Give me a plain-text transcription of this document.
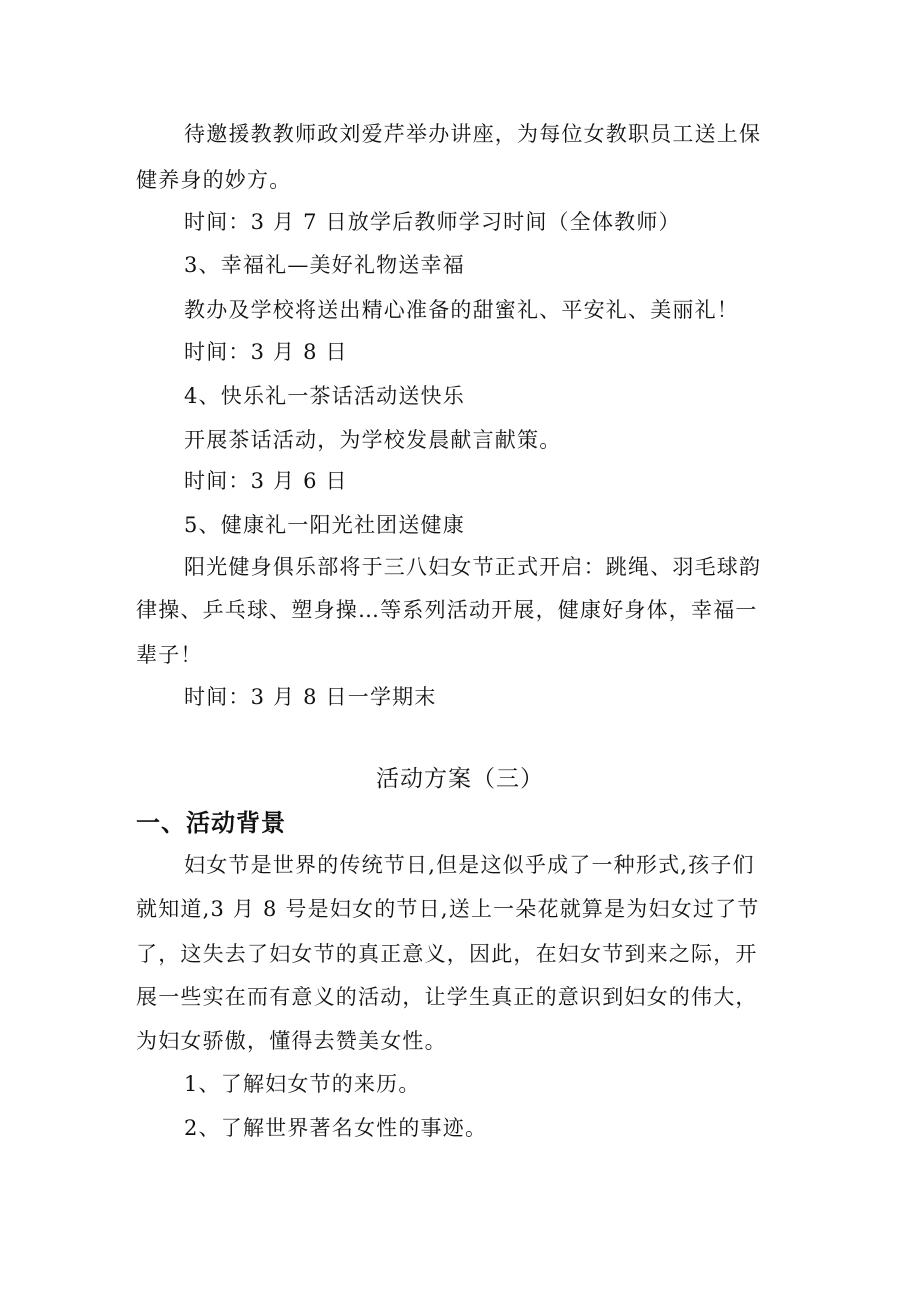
待邀援教教师政刘爱芹举办讲座，为每位女教职员工送上保
健养身的妙方。
时间：3 月 7 日放学后教师学习时间（全体教师）
3、幸福礼—美好礼物送幸福
教办及学校将送出精心准备的甜蜜礼、平安礼、美丽礼！
时间：3 月 8 日
4、快乐礼一茶话活动送快乐
开展茶话活动，为学校发晨献言献策。
时间：3 月 6 日
5、健康礼一阳光社团送健康
阳光健身俱乐部将于三八妇女节正式开启：跳绳、羽毛球韵
律操、乒乓球、塑身操…等系列活动开展，健康好身体，幸福一
辈子！
时间：3 月 8 日一学期末
活动方案（三）
一、活动背景
妇女节是世界的传统节日,但是这似乎成了一种形式,孩子们
就知道,3 月 8 号是妇女的节日,送上一朵花就算是为妇女过了节
了，这失去了妇女节的真正意义，因此，在妇女节到来之际，开
展一些实在而有意义的活动，让学生真正的意识到妇女的伟大，
为妇女骄傲，懂得去赞美女性。
1、了解妇女节的来历。
2、了解世界著名女性的事迹。
